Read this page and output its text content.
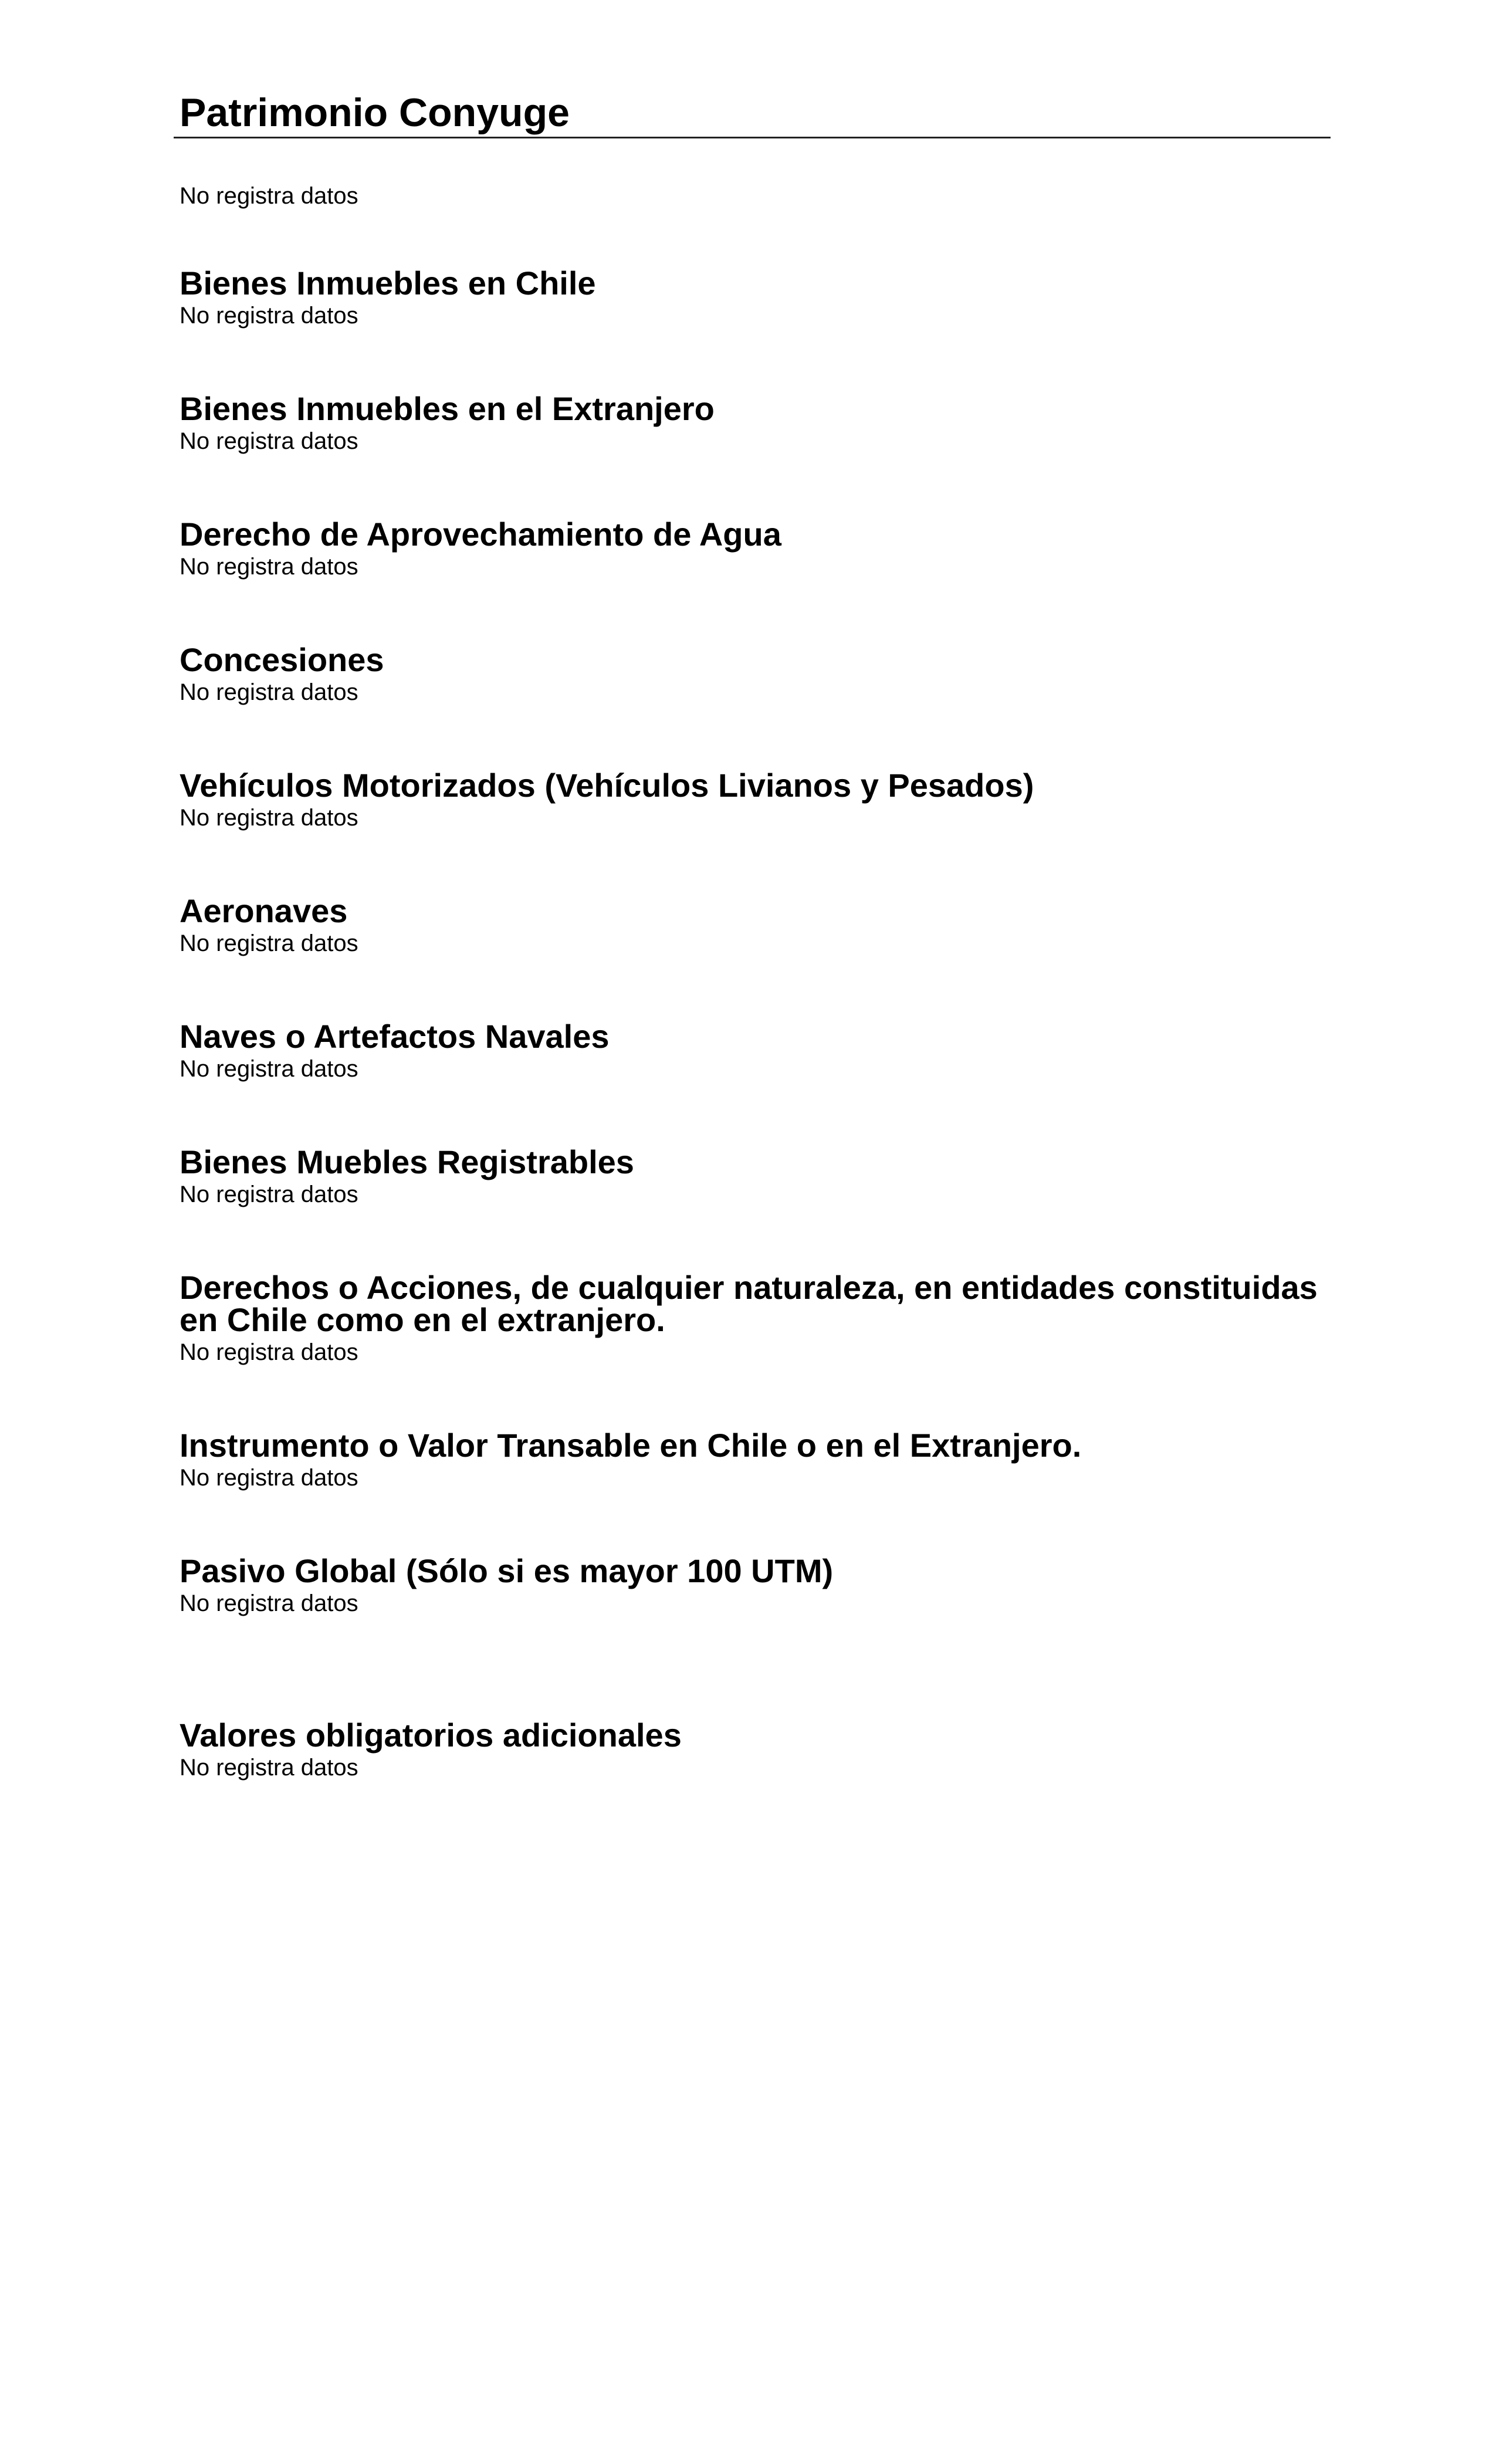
Patrimonio Conyuge
No registra datos
Bienes Inmuebles en Chile
No registra datos
Bienes Inmuebles en el Extranjero
No registra datos
Derecho de Aprovechamiento de Agua
No registra datos
Concesiones
No registra datos
Vehículos Motorizados (Vehículos Livianos y Pesados)
No registra datos
Aeronaves
No registra datos
Naves o Artefactos Navales
No registra datos
Bienes Muebles Registrables
No registra datos
Derechos o Acciones, de cualquier naturaleza, en entidades constituidas en Chile como en el extranjero.
No registra datos
Instrumento o Valor Transable en Chile o en el Extranjero.
No registra datos
Pasivo Global (Sólo si es mayor 100 UTM)
No registra datos
Valores obligatorios adicionales
No registra datos
